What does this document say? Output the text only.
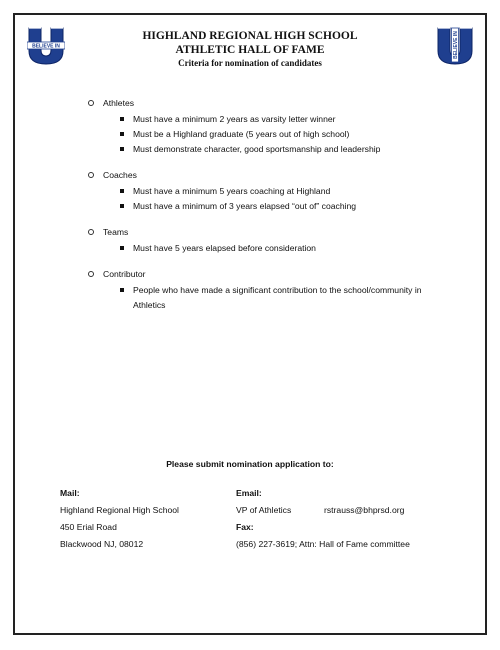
BELIEVE IN	BELIEVE IN
HIGHLAND REGIONAL HIGH SCHOOL
ATHLETIC HALL OF FAME
Criteria for nomination of candidates
Athletes
Must have a minimum 2 years as varsity letter winner
Must be a Highland graduate (5 years out of high school)
Must demonstrate character, good sportsmanship and leadership
Coaches
Must have a minimum 5 years coaching at Highland
Must have a minimum of 3 years elapsed “out of” coaching
Teams
Must have 5 years elapsed before consideration
Contributor
People who have made a significant contribution to the school/community in Athletics
Please submit nomination application to:
Mail:
Highland Regional High School
450 Erial Road
Blackwood NJ, 08012
Email:
VP of Athletics	rstrauss@bhprsd.org
Fax:
(856) 227-3619; Attn: Hall of Fame committee
